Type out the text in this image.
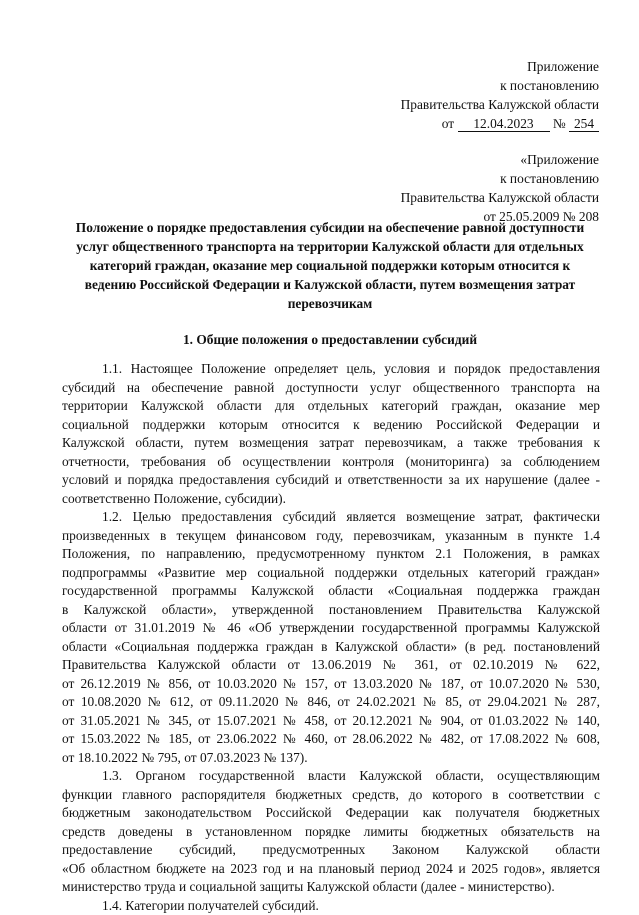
Приложение
к постановлению
Правительства Калужской области
от 12.04.2023 № 254
«Приложение
к постановлению
Правительства Калужской области
от 25.05.2009 № 208
Положение о порядке предоставления субсидии на обеспечение равной доступности
услуг общественного транспорта на территории Калужской области для отдельных
категорий граждан, оказание мер социальной поддержки которым относится к
ведению Российской Федерации и Калужской области, путем возмещения затрат
перевозчикам
1. Общие положения о предоставлении субсидий
1.1. Настоящее Положение определяет цель, условия и порядок предоставления
субсидий на обеспечение равной доступности услуг общественного транспорта на
территории Калужской области для отдельных категорий граждан, оказание мер
социальной поддержки которым относится к ведению Российской Федерации и
Калужской области, путем возмещения затрат перевозчикам, а также требования к
отчетности, требования об осуществлении контроля (мониторинга) за соблюдением
условий и порядка предоставления субсидий и ответственности за их нарушение (далее -
соответственно Положение, субсидии).
1.2. Целью предоставления субсидий является возмещение затрат, фактически
произведенных в текущем финансовом году, перевозчикам, указанным в пункте 1.4
Положения, по направлению, предусмотренному пунктом 2.1 Положения, в рамках
подпрограммы «Развитие мер социальной поддержки отдельных категорий граждан»
государственной программы Калужской области «Социальная поддержка граждан
в Калужской области», утвержденной постановлением Правительства Калужской
области от 31.01.2019 № 46 «Об утверждении государственной программы Калужской
области «Социальная поддержка граждан в Калужской области» (в ред. постановлений
Правительства Калужской области от 13.06.2019 № 361, от 02.10.2019 № 622,
от 26.12.2019 № 856, от 10.03.2020 № 157, от 13.03.2020 № 187, от 10.07.2020 № 530,
от 10.08.2020 № 612, от 09.11.2020 № 846, от 24.02.2021 № 85, от 29.04.2021 № 287,
от 31.05.2021 № 345, от 15.07.2021 № 458, от 20.12.2021 № 904, от 01.03.2022 № 140,
от 15.03.2022 № 185, от 23.06.2022 № 460, от 28.06.2022 № 482, от 17.08.2022 № 608,
от 18.10.2022 № 795, от 07.03.2023 № 137).
1.3. Органом государственной власти Калужской области, осуществляющим
функции главного распорядителя бюджетных средств, до которого в соответствии с
бюджетным законодательством Российской Федерации как получателя бюджетных
средств доведены в установленном порядке лимиты бюджетных обязательств на
предоставление субсидий, предусмотренных Законом Калужской области
«Об областном бюджете на 2023 год и на плановый период 2024 и 2025 годов», является
министерство труда и социальной защиты Калужской области (далее - министерство).
1.4. Категории получателей субсидий.
